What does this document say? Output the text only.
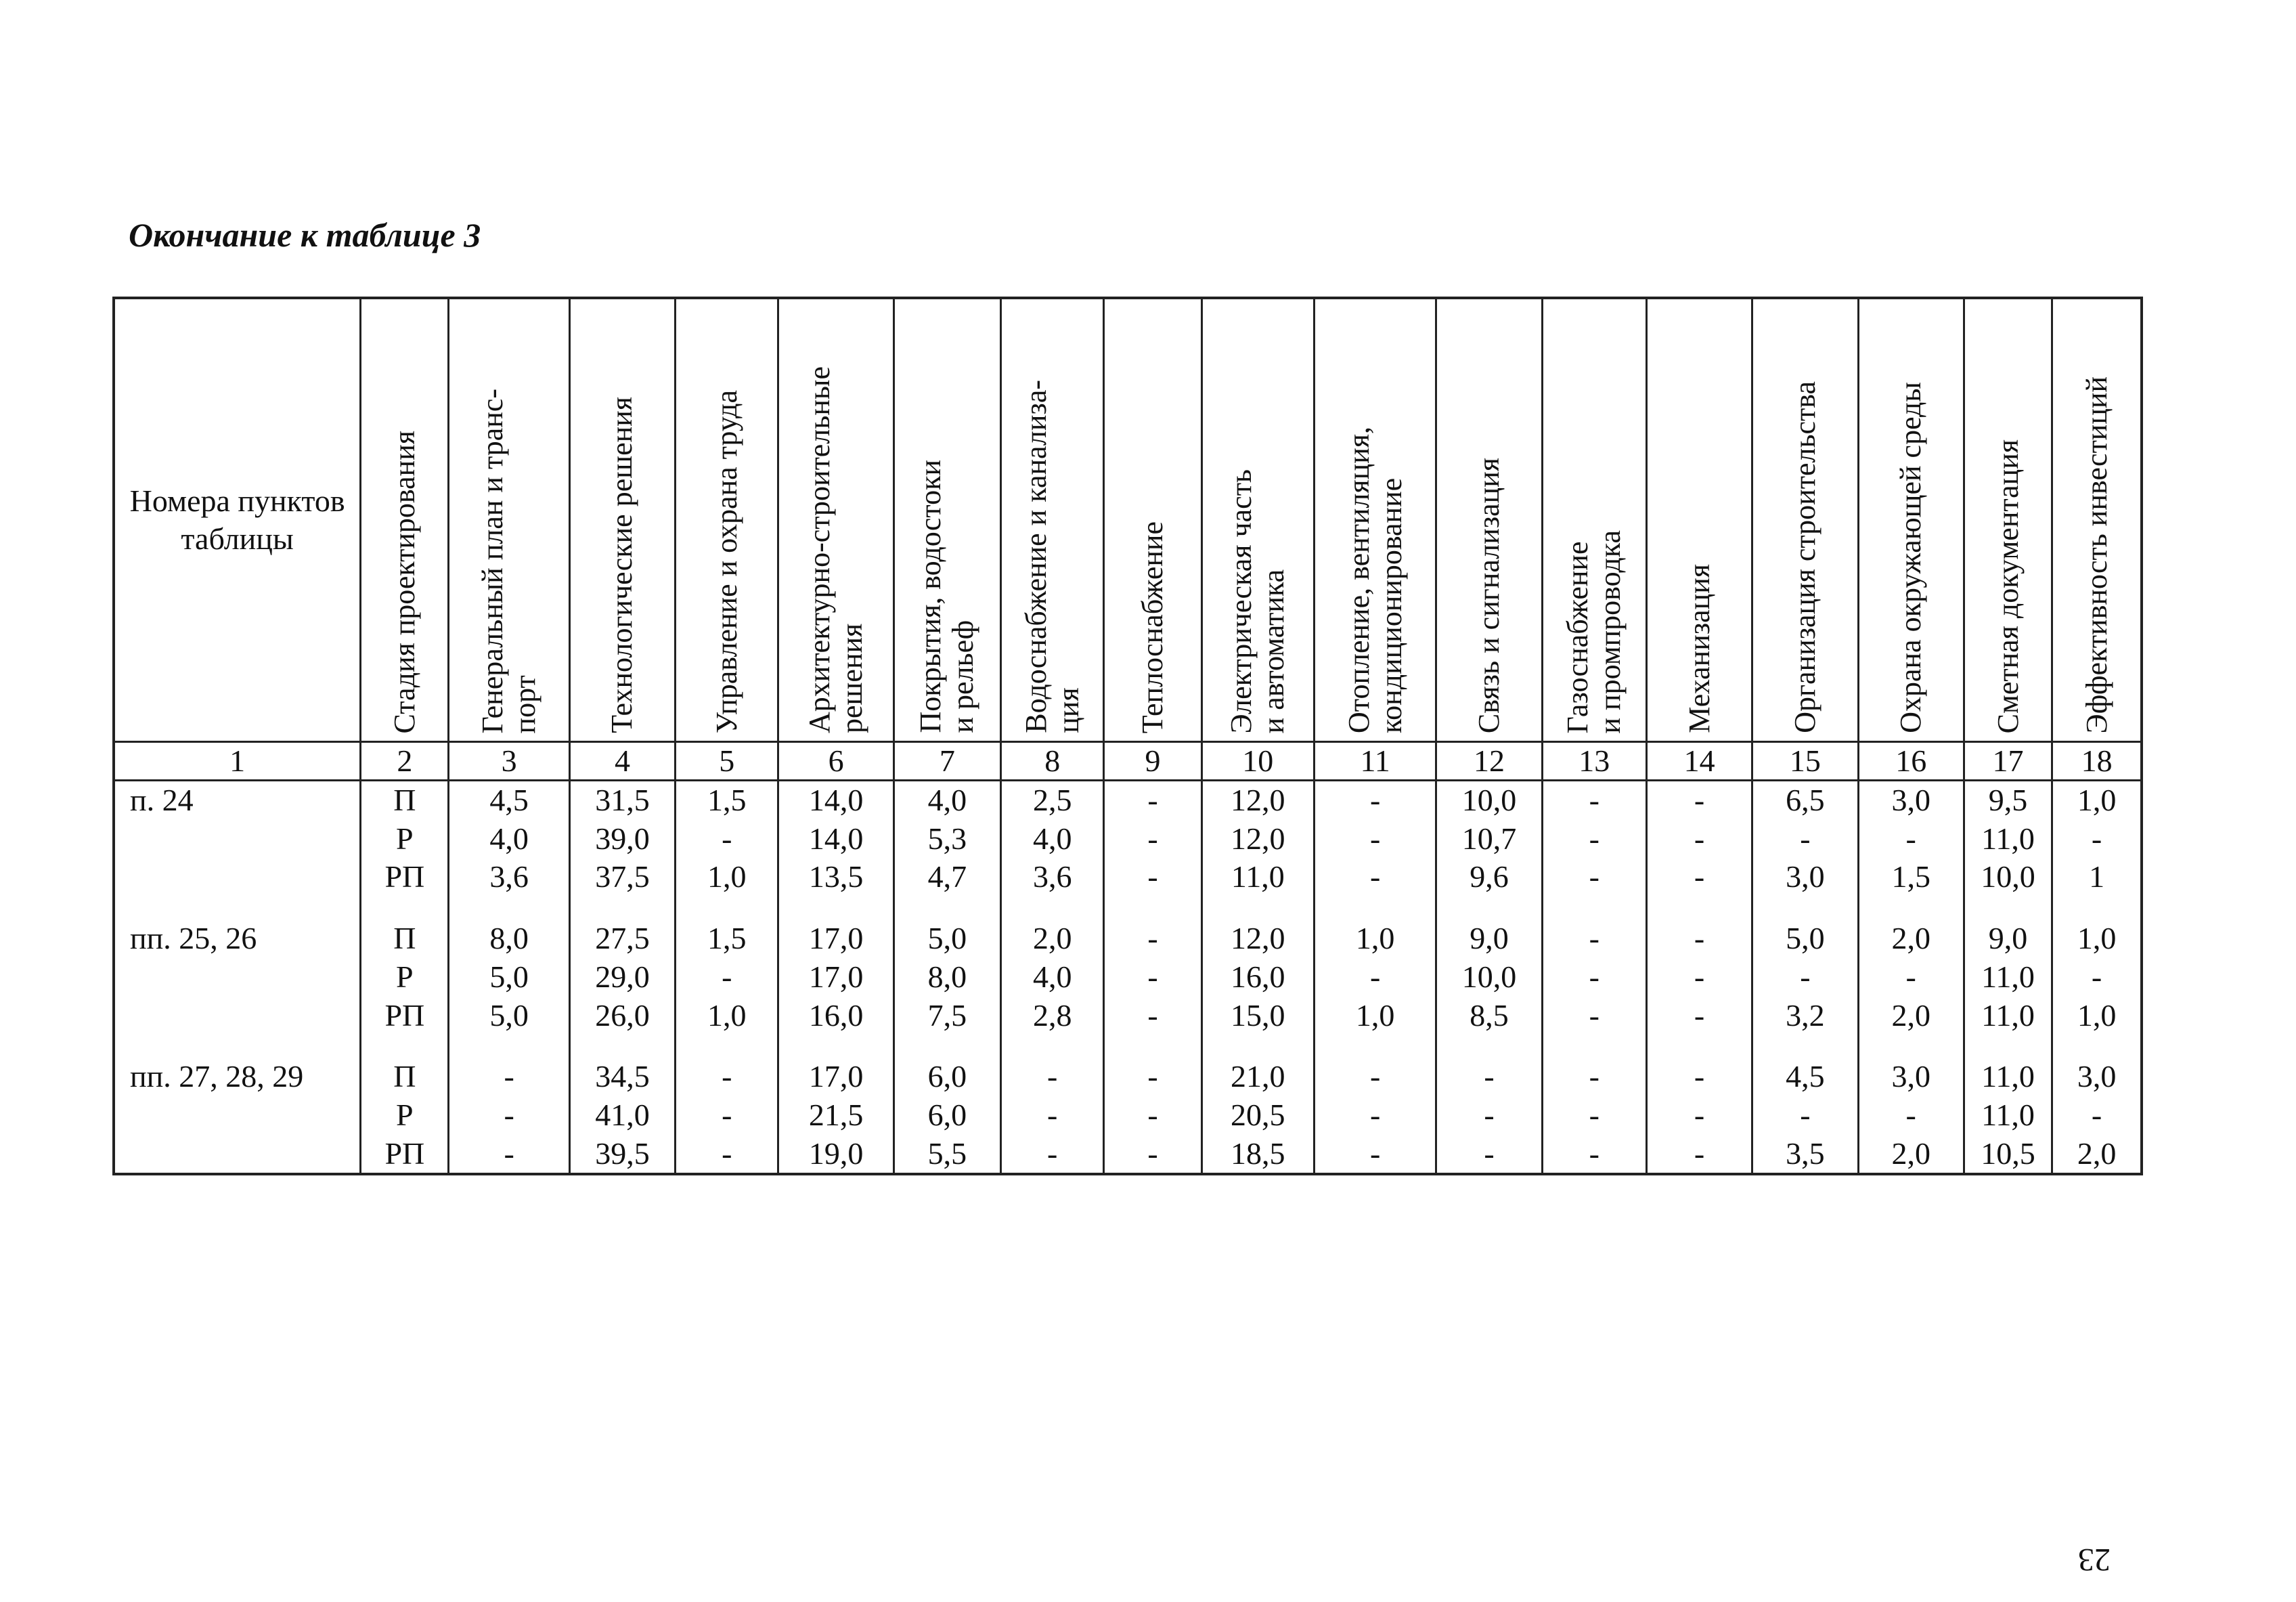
Окончание к таблице 3
Номера пунктов таблицы	Стадия проектирования	Генеральный план и транс-
порт	Технологические решения	Управление и охрана труда	Архитектурно-строительные
решения	Покрытия, водостоки
и рельеф	Водоснабжение и канализа-
ция	Теплоснабжение	Электрическая часть
и автоматика	Отопление, вентиляция,
кондиционирование	Связь и сигнализация	Газоснабжение
и промпроводка	Механизация	Организация строительства	Охрана окружающей среды	Сметная документация	Эффективность инвестиций
1	2	3	4	5	6	7	8	9	10	11	12	13	14	15	16	17	18
п. 24	П	4,5	31,5	1,5	14,0	4,0	2,5	-	12,0	-	10,0	-	-	6,5	3,0	9,5	1,0
	Р	4,0	39,0	-	14,0	5,3	4,0	-	12,0	-	10,7	-	-	-	-	11,0	-
	РП	3,6	37,5	1,0	13,5	4,7	3,6	-	11,0	-	9,6	-	-	3,0	1,5	10,0	1

пп. 25, 26	П	8,0	27,5	1,5	17,0	5,0	2,0	-	12,0	1,0	9,0	-	-	5,0	2,0	9,0	1,0
	Р	5,0	29,0	-	17,0	8,0	4,0	-	16,0	-	10,0	-	-	-	-	11,0	-
	РП	5,0	26,0	1,0	16,0	7,5	2,8	-	15,0	1,0	8,5	-	-	3,2	2,0	11,0	1,0

пп. 27, 28, 29	П	-	34,5	-	17,0	6,0	-	-	21,0	-	-	-	-	4,5	3,0	11,0	3,0
	Р	-	41,0	-	21,5	6,0	-	-	20,5	-	-	-	-	-	-	11,0	-
	РП	-	39,5	-	19,0	5,5	-	-	18,5	-	-	-	-	3,5	2,0	10,5	2,0
23
